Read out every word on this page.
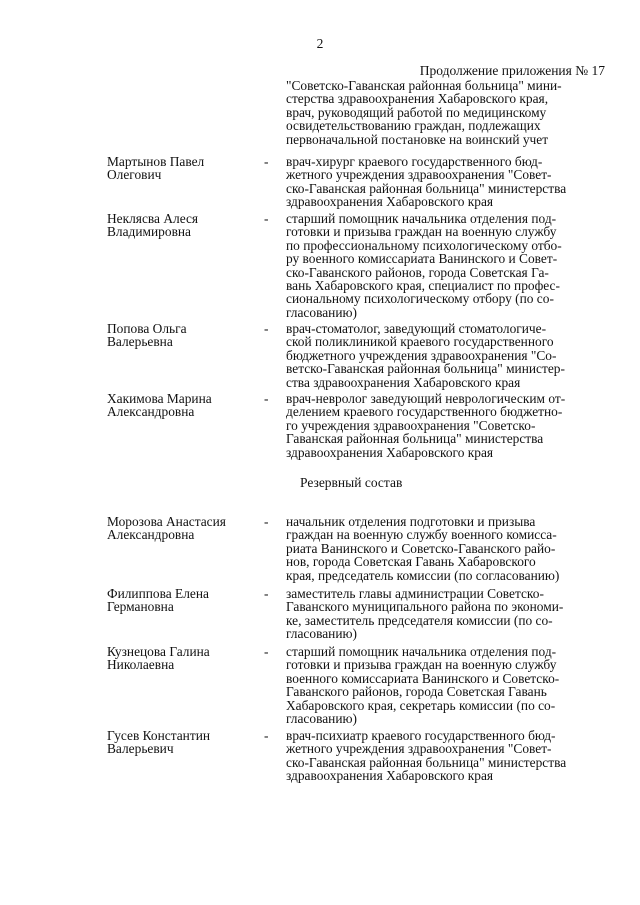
2
Продолжение приложения № 17
"Советско-Гаванская районная больница" мини-
стерства здравоохранения Хабаровского края,
врач, руководящий работой по медицинскому
освидетельствованию граждан, подлежащих
первоначальной постановке на воинский учет
Мартынов Павел
Олегович
-	врач-хирург краевого государственного бюд-
жетного учреждения здравоохранения "Совет-
ско-Гаванская районная больница" министерства
здравоохранения Хабаровского края
Неклясва Алеся
Владимировна
-	старший помощник начальника отделения под-
готовки и призыва граждан на военную службу
по профессиональному психологическому отбо-
ру военного комиссариата Ванинского и Совет-
ско-Гаванского районов, города Советская Га-
вань Хабаровского края, специалист по профес-
сиональному психологическому отбору (по со-
гласованию)
Попова Ольга
Валерьевна
-	врач-стоматолог, заведующий стоматологиче-
ской поликлиникой краевого государственного
бюджетного учреждения здравоохранения "Со-
ветско-Гаванская районная больница" министер-
ства здравоохранения Хабаровского края
Хакимова Марина
Александровна
-	врач-невролог заведующий неврологическим от-
делением краевого государственного бюджетно-
го учреждения здравоохранения "Советско-
Гаванская районная больница" министерства
здравоохранения Хабаровского края
Резервный состав
Морозова Анастасия
Александровна
-	начальник отделения подготовки и призыва
граждан на военную службу военного комисса-
риата Ванинского и Советско-Гаванского райо-
нов, города Советская Гавань Хабаровского
края, председатель комиссии (по согласованию)
Филиппова Елена
Германовна
-	заместитель главы администрации Советско-
Гаванского муниципального района по экономи-
ке, заместитель председателя комиссии (по со-
гласованию)
Кузнецова Галина
Николаевна
-	старший помощник начальника отделения под-
готовки и призыва граждан на военную службу
военного комиссариата Ванинского и Советско-
Гаванского районов, города Советская Гавань
Хабаровского края, секретарь комиссии (по со-
гласованию)
Гусев Константин
Валерьевич
-	врач-психиатр краевого государственного бюд-
жетного учреждения здравоохранения "Совет-
ско-Гаванская районная больница" министерства
здравоохранения Хабаровского края
